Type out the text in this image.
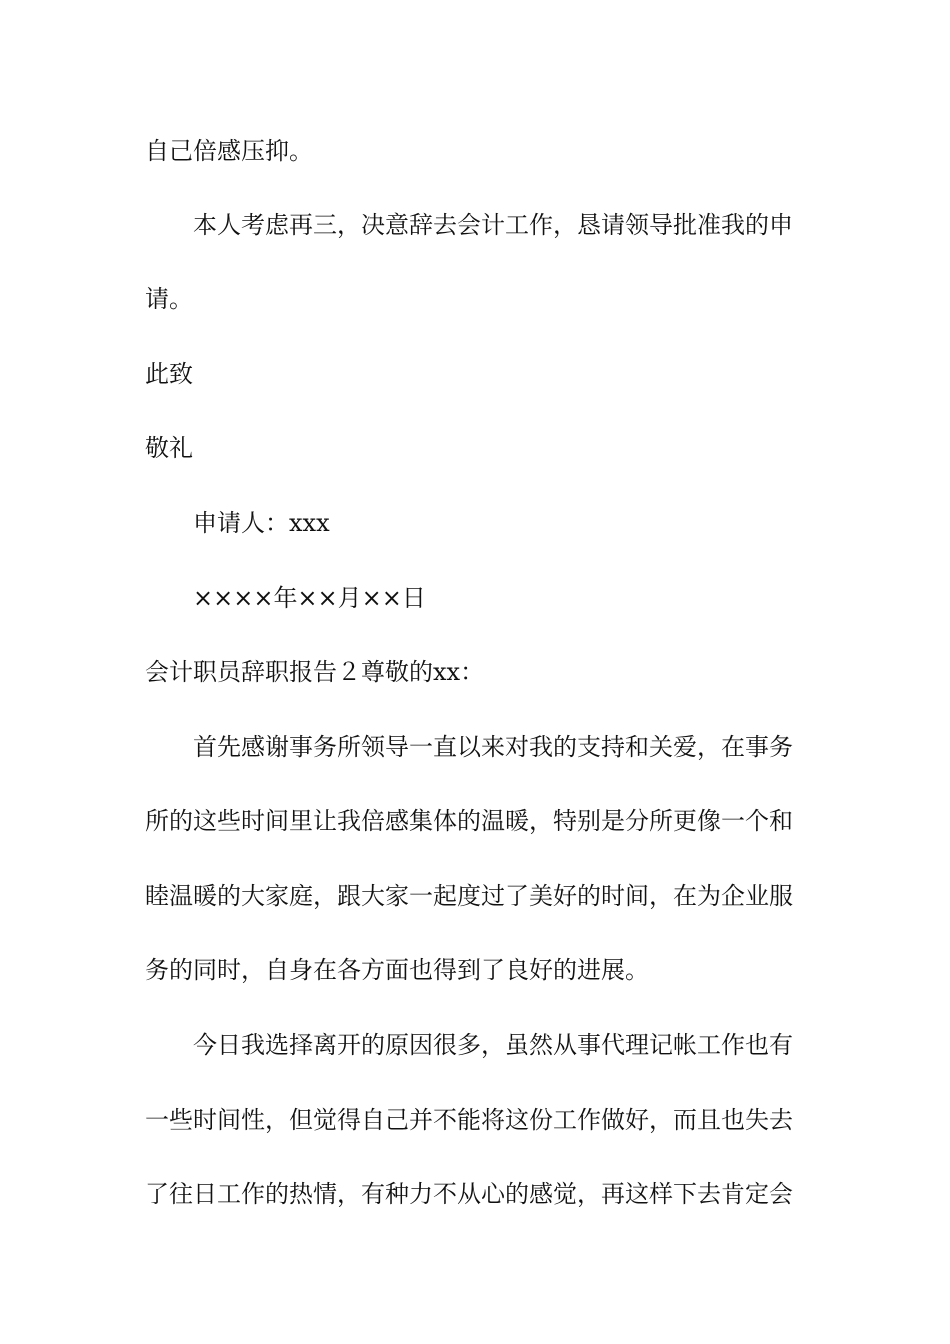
自己倍感压抑。
本人考虑再三，决意辞去会计工作，恳请领导批准我的申
请。
此致
敬礼
申请人：xxx
××××年××月××日
会计职员辞职报告２尊敬的xx：
首先感谢事务所领导一直以来对我的支持和关爱，在事务
所的这些时间里让我倍感集体的温暖，特别是分所更像一个和
睦温暖的大家庭，跟大家一起度过了美好的时间，在为企业服
务的同时，自身在各方面也得到了良好的进展。
今日我选择离开的原因很多，虽然从事代理记帐工作也有
一些时间性，但觉得自己并不能将这份工作做好，而且也失去
了往日工作的热情，有种力不从心的感觉，再这样下去肯定会
